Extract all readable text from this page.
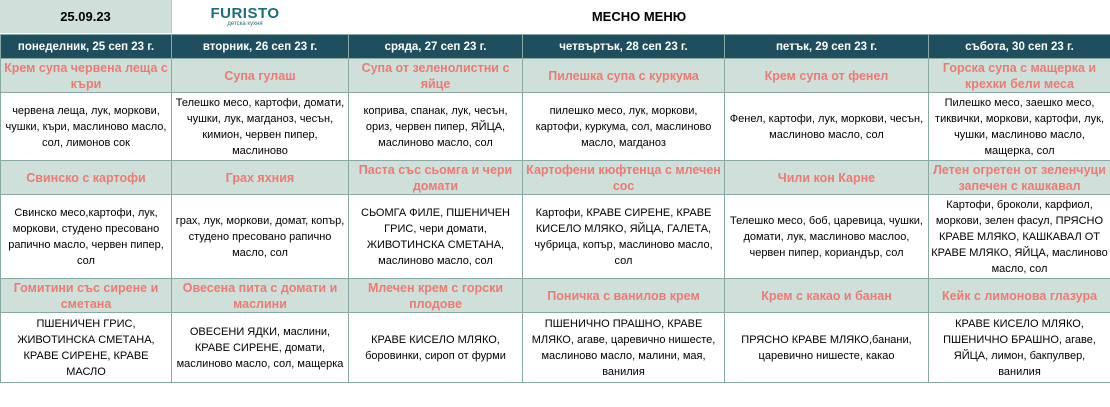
25.09.23	FURISTO
детска кухня	МЕСНО МЕНЮ
понеделник, 25 сеп 23 г.	вторник, 26 сеп 23 г.	сряда, 27 сеп 23 г.	четвъртък, 28 сеп 23 г.	петък, 29 сеп 23 г.	събота, 30 сеп 23 г.
Крем супа червена леща с къри	Супа гулаш	Супа от зеленолистни с яйце	Пилешка супа с куркума	Крем супа от фенел	Горска супа с мащерка и крехки бели меса
червена леща, лук, моркови, чушки, къри, маслиново масло, сол, лимонов сок	Телешко месо, картофи, домати, чушки, лук, магданоз, чесън, кимион, червен пипер, маслиново	коприва, спанак, лук, чесън, ориз, червен пипер, ЯЙЦА, маслиново масло, сол	пилешко месо, лук, моркови, картофи, куркума, сол, маслиново масло, магданоз	Фенел, картофи, лук, моркови, чесън, маслиново масло, сол	Пилешко месо, заешко месо, тиквички, моркови, картофи, лук, чушки, маслиново масло, мащерка, сол
Свинско с картофи	Грах яхния	Паста със сьомга и чери домати	Картофени кюфтенца с млечен сос	Чили кон Карне	Летен огретен от зеленчуци запечен с кашкавал
Свинско месо,картофи, лук, моркови, студено пресовано рапично масло, червен пипер, сол	грах, лук, моркови, домат, копър, студено пресовано рапично масло, сол	СЬОМГА ФИЛЕ, ПШЕНИЧЕН ГРИС, чери домати, ЖИВОТИНСКА СМЕТАНА, маслиново масло, сол	Картофи, КРАВЕ СИРЕНЕ, КРАВЕ КИСЕЛО МЛЯКО, ЯЙЦА, ГАЛЕТА, чубрица, копър, маслиново масло, сол	Телешко месо, боб, царевица, чушки, домати, лук, маслиново маслоо, червен пипер, кориандър, сол	Картофи, броколи, карфиол, моркови, зелен фасул, ПРЯСНО КРАВЕ МЛЯКО, КАШКАВАЛ ОТ КРАВЕ МЛЯКО, ЯЙЦА, маслиново масло, сол
Гомитини със сирене и сметана	Овесена пита с домати и маслини	Млечен крем с горски плодове	Поничка с ванилов крем	Крем с какао и банан	Кейк с лимонова глазура
ПШЕНИЧЕН ГРИС, ЖИВОТИНСКА СМЕТАНА, КРАВЕ СИРЕНЕ, КРАВЕ МАСЛО	ОВЕСЕНИ ЯДКИ, маслини, КРАВЕ СИРЕНЕ, домати, маслиново масло, сол, мащерка	КРАВЕ КИСЕЛО МЛЯКО, боровинки, сироп от фурми	ПШЕНИЧНО ПРАШНО, КРАВЕ МЛЯКО, агаве, царевично нишесте, маслиново масло, малини, мая, ванилия	ПРЯСНО КРАВЕ МЛЯКО,банани, царевично нишесте, какао	КРАВЕ КИСЕЛО МЛЯКО, ПШЕНИЧНО БРАШНО, агаве, ЯЙЦА, лимон, бакпулвер, ванилия
